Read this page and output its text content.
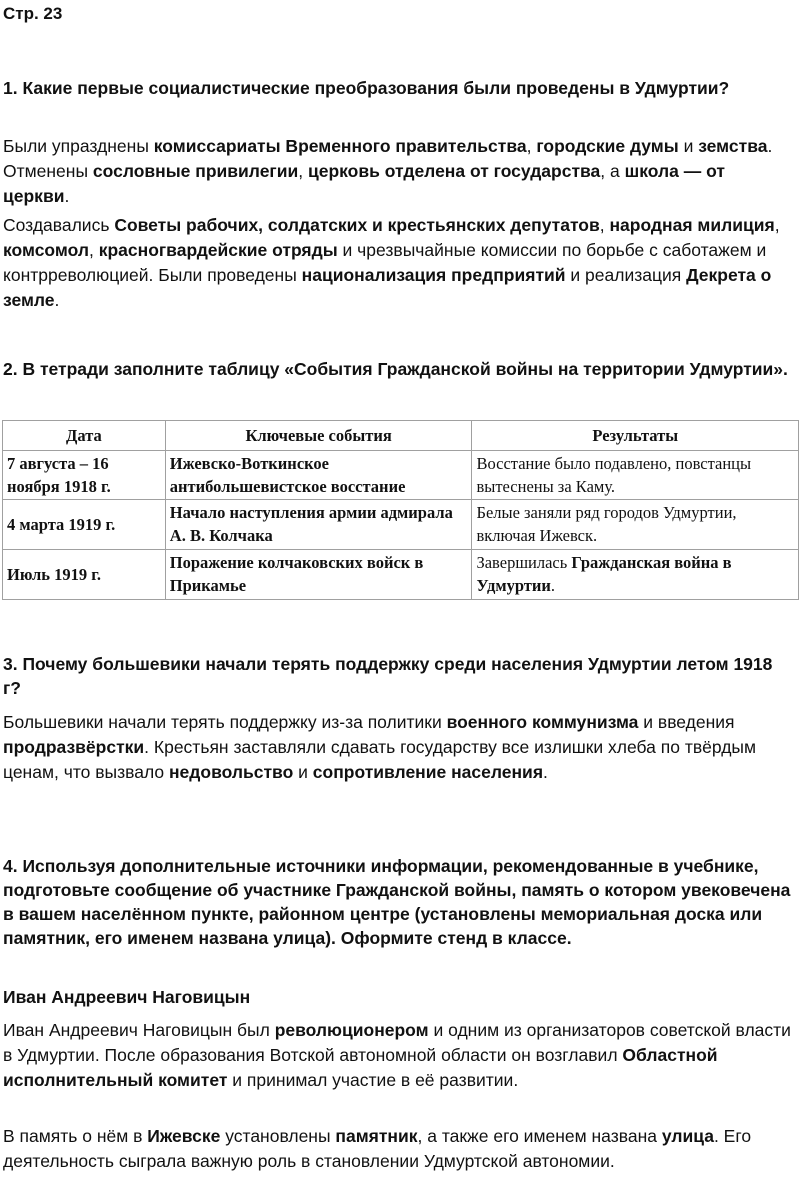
Стр. 23
1. Какие первые социалистические преобразования были проведены в Удмуртии?
Были упразднены комиссариаты Временного правительства, городские думы и земства. Отменены сословные привилегии, церковь отделена от государства, а школа — от церкви.
Создавались Советы рабочих, солдатских и крестьянских депутатов, народная милиция, комсомол, красногвардейские отряды и чрезвычайные комиссии по борьбе с саботажем и контрреволюцией. Были проведены национализация предприятий и реализация Декрета о земле.
2. В тетради заполните таблицу «События Гражданской войны на территории Удмуртии».
Дата	Ключевые события	Результаты
7 августа – 16 ноября 1918 г.	Ижевско-Воткинское антибольшевистское восстание	Восстание было подавлено, повстанцы вытеснены за Каму.
4 марта 1919 г.	Начало наступления армии адмирала А. В. Колчака	Белые заняли ряд городов Удмуртии, включая Ижевск.
Июль 1919 г.	Поражение колчаковских войск в Прикамье	Завершилась Гражданская война в Удмуртии.
3. Почему большевики начали терять поддержку среди населения Удмуртии летом 1918 г?
Большевики начали терять поддержку из-за политики военного коммунизма и введения продразвёрстки. Крестьян заставляли сдавать государству все излишки хлеба по твёрдым ценам, что вызвало недовольство и сопротивление населения.
4. Используя дополнительные источники информации, рекомендованные в учебнике, подготовьте сообщение об участнике Гражданской войны, память о котором увековечена в вашем населённом пункте, районном центре (установлены мемориальная доска или памятник, его именем названа улица). Оформите стенд в классе.
Иван Андреевич Наговицын
Иван Андреевич Наговицын был революционером и одним из организаторов советской власти в Удмуртии. После образования Вотской автономной области он возглавил Областной исполнительный комитет и принимал участие в её развитии.
В память о нём в Ижевске установлены памятник, а также его именем названа улица. Его деятельность сыграла важную роль в становлении Удмуртской автономии.
